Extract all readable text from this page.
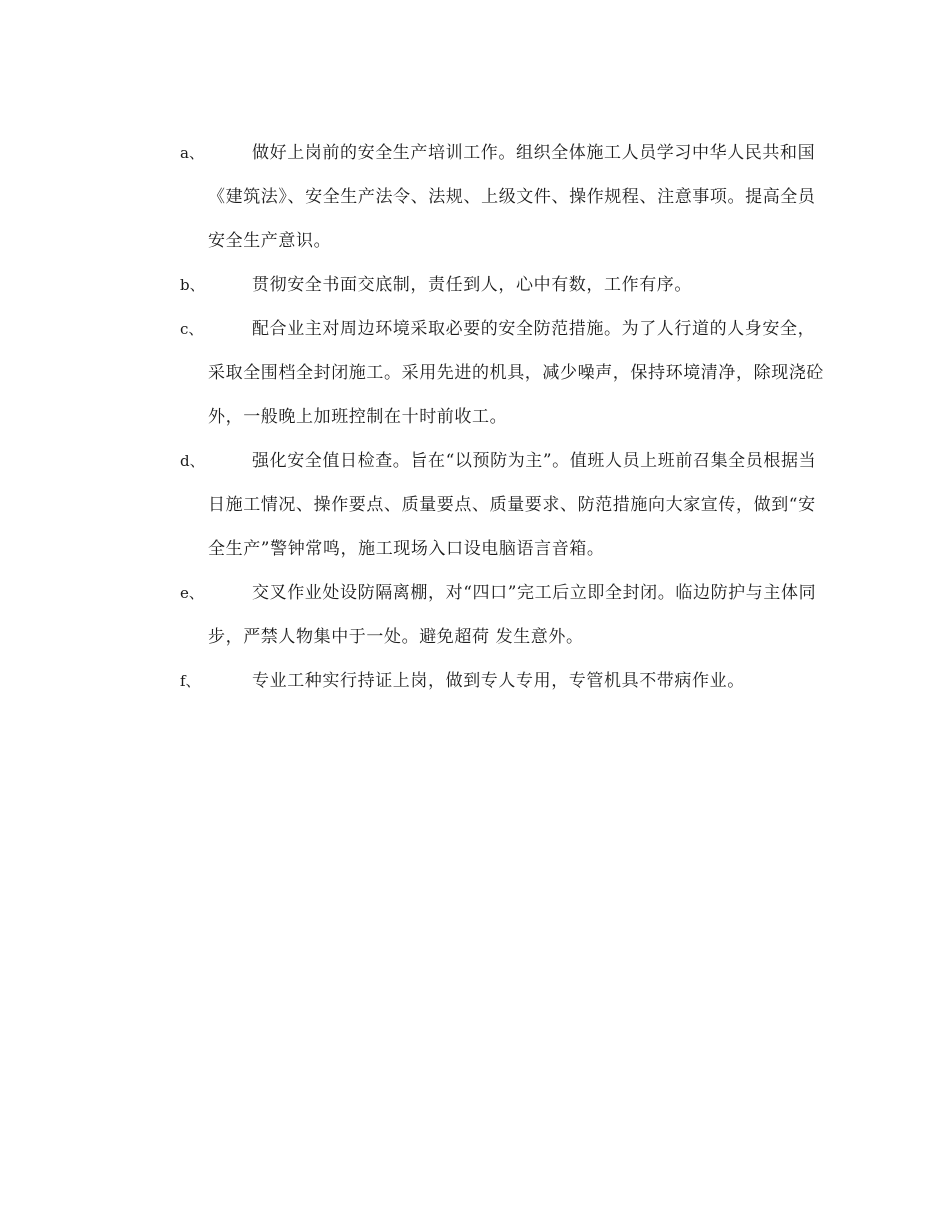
a、	做好上岗前的安全生产培训工作。组织全体施工人员学习中华人民共和国《建筑法》、安全生产法令、法规、上级文件、操作规程、注意事项。提高全员安全生产意识。

b、	贯彻安全书面交底制，责任到人，心中有数，工作有序。

c、	配合业主对周边环境采取必要的安全防范措施。为了人行道的人身安全，采取全围档全封闭施工。采用先进的机具，减少噪声，保持环境清净，除现浇砼外，一般晚上加班控制在十时前收工。

d、	强化安全值日检查。旨在“以预防为主”。值班人员上班前召集全员根据当日施工情况、操作要点、质量要点、质量要求、防范措施向大家宣传，做到“安全生产”警钟常鸣，施工现场入口设电脑语言音箱。

e、	交叉作业处设防隔离棚，对“四口”完工后立即全封闭。临边防护与主体同步，严禁人物集中于一处。避免超荷 发生意外。

f、	专业工种实行持证上岗，做到专人专用，专管机具不带病作业。
